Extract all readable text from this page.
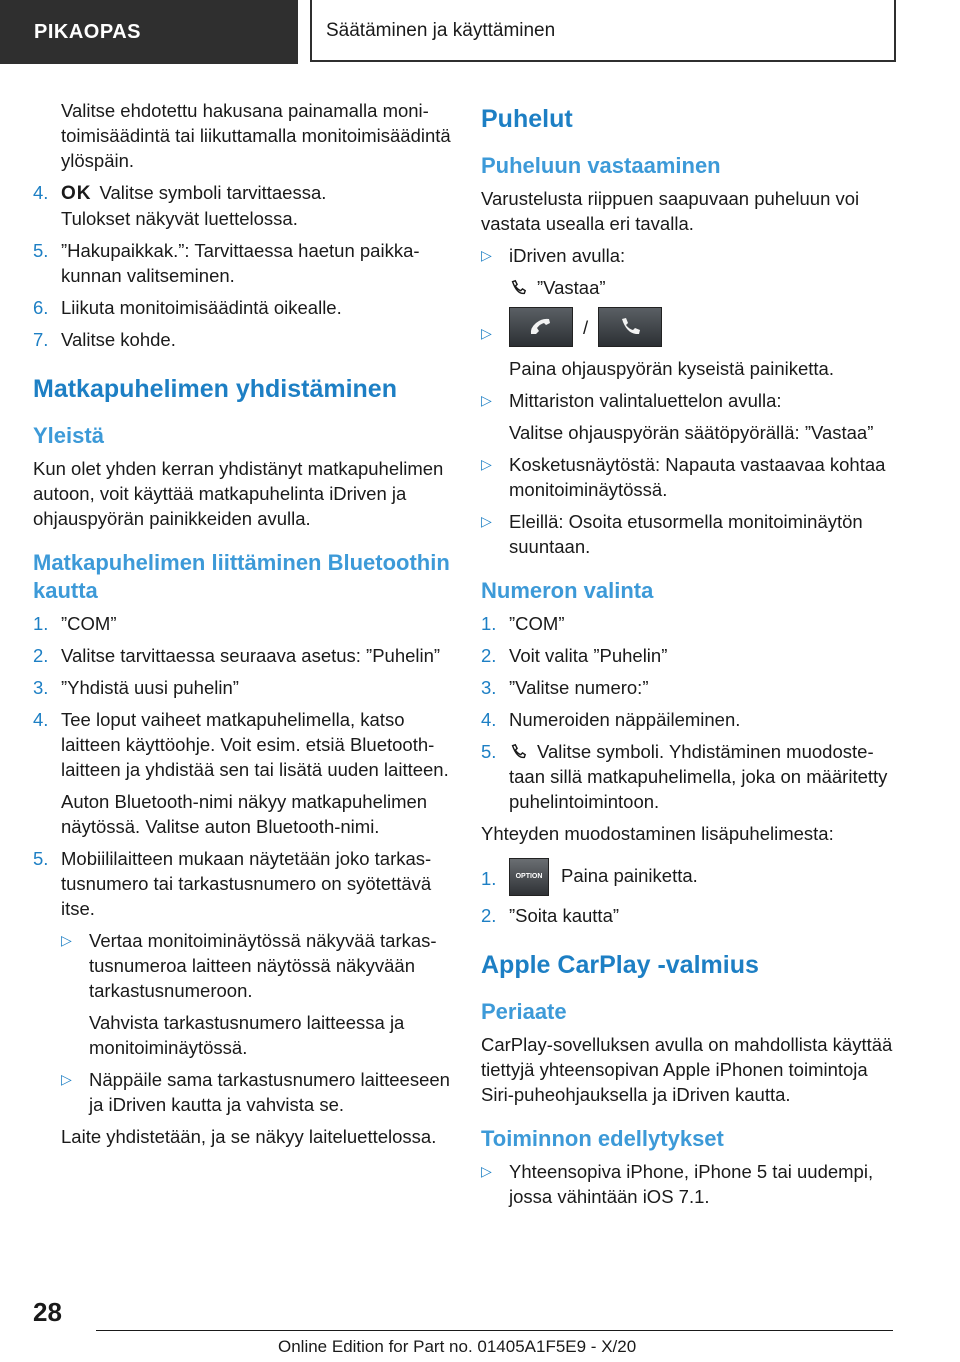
PIKAOPAS	Säätäminen ja käyttäminen

Valitse ehdotettu hakusana painamalla monitoimisäädintä tai liikuttamalla monitoimisäädintä ylöspäin.

4. OK Valitse symboli tarvittaessa.
Tulokset näkyvät luettelossa.
5. ”Hakupaikkak.”: Tarvittaessa haetun paikkakunnan valitseminen.
6. Liikuta monitoimisäädintä oikealle.
7. Valitse kohde.
Matkapuhelimen yhdistäminen
Yleistä

Kun olet yhden kerran yhdistänyt matkapuhelimen autoon, voit käyttää matkapuhelinta iDriven ja ohjauspyörän painikkeiden avulla.

Matkapuhelimen liittäminen Bluetoothin kautta
1. ”COM”
2. Valitse tarvittaessa seuraava asetus: ”Puhelin”
3. ”Yhdistä uusi puhelin”
4. Tee loput vaiheet matkapuhelimella, katso laitteen käyttöohje. Voit esim. etsiä Bluetooth-laitteen ja yhdistää sen tai lisätä uuden laitteen.
Auton Bluetooth-nimi näkyy matkapuhelimen näytössä. Valitse auton Bluetooth-nimi.
5. Mobiililaitteen mukaan näytetään joko tarkastusnumero tai tarkastusnumero on syötettävä itse.
▷ Vertaa monitoiminäytössä näkyvää tarkastusnumeroa laitteen näytössä näkyvään tarkastusnumeroon.
Vahvista tarkastusnumero laitteessa ja monitoiminäytössä.
▷ Näppäile sama tarkastusnumero laitteeseen ja iDriven kautta ja vahvista se.
Laite yhdistetään, ja se näkyy laiteluettelossa.
Puhelut
Puheluun vastaaminen

Varustelusta riippuen saapuvaan puheluun voi vastata usealla eri tavalla.

▷ iDriven avulla:
”Vastaa”
▷	/
Paina ohjauspyörän kyseistä painiketta.
▷ Mittariston valintaluettelon avulla:
Valitse ohjauspyörän säätöpyörällä: ”Vastaa”
▷ Kosketusnäytöstä: Napauta vastaavaa kohtaa monitoiminäytössä.
▷ Eleillä: Osoita etusormella monitoiminäytön suuntaan.
Numeron valinta
1. ”COM”
2. Voit valita ”Puhelin”
3. ”Valitse numero:”
4. Numeroiden näppäileminen.
5. Valitse symboli. Yhdistäminen muodostetaan sillä matkapuhelimella, joka on määritetty puhelintoimintoon.

Yhteyden muodostaminen lisäpuhelimesta:

1.	OPTION Paina painiketta.
2. ”Soita kautta”
Apple CarPlay -valmius
Periaate

CarPlay-sovelluksen avulla on mahdollista käyttää tiettyjä yhteensopivan Apple iPhonen toimintoja Siri-puheohjauksella ja iDriven kautta.

Toiminnon edellytykset
▷ Yhteensopiva iPhone, iPhone 5 tai uudempi, jossa vähintään iOS 7.1.
28
Online Edition for Part no. 01405A1F5E9 - X/20
